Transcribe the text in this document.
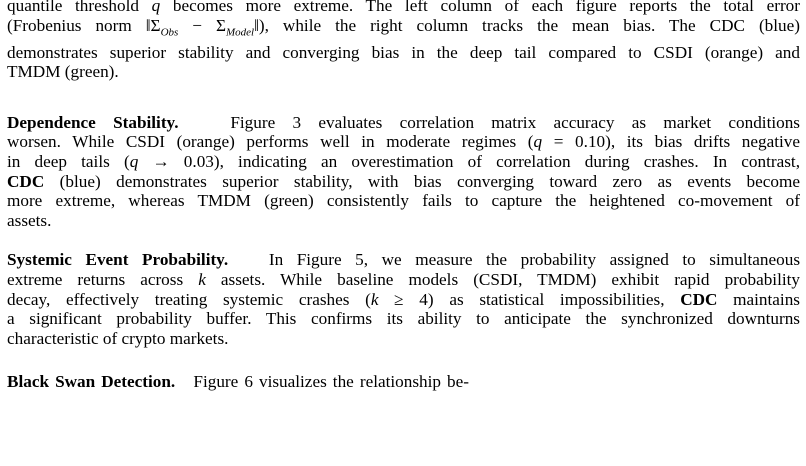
quantile threshold q becomes more extreme. The left column of each figure reports the total error
(Frobenius norm $‖\Sigma_{Obs}$ − $\Sigma_{Model}‖$), while the right column tracks the mean bias. The CDC (blue)
demonstrates superior stability and converging bias in the deep tail compared to CSDI (orange) and
TMDM (green).
Dependence Stability.	Figure 3 evaluates correlation matrix accuracy as market conditions
worsen. While CSDI (orange) performs well in moderate regimes (q = 0.10), its bias drifts negative
in deep tails (q → 0.03), indicating an overestimation of correlation during crashes. In contrast,
CDC (blue) demonstrates superior stability, with bias converging toward zero as events become
more extreme, whereas TMDM (green) consistently fails to capture the heightened co-movement of
assets.
Systemic Event Probability. In Figure 5, we measure the probability assigned to simultaneous
extreme returns across k assets. While baseline models (CSDI, TMDM) exhibit rapid probability
decay, effectively treating systemic crashes (k ≥ 4) as statistical impossibilities, CDC maintains
a significant probability buffer. This confirms its ability to anticipate the synchronized downturns
characteristic of crypto markets.
Black Swan Detection. Figure 6 visualizes the relationship be-
